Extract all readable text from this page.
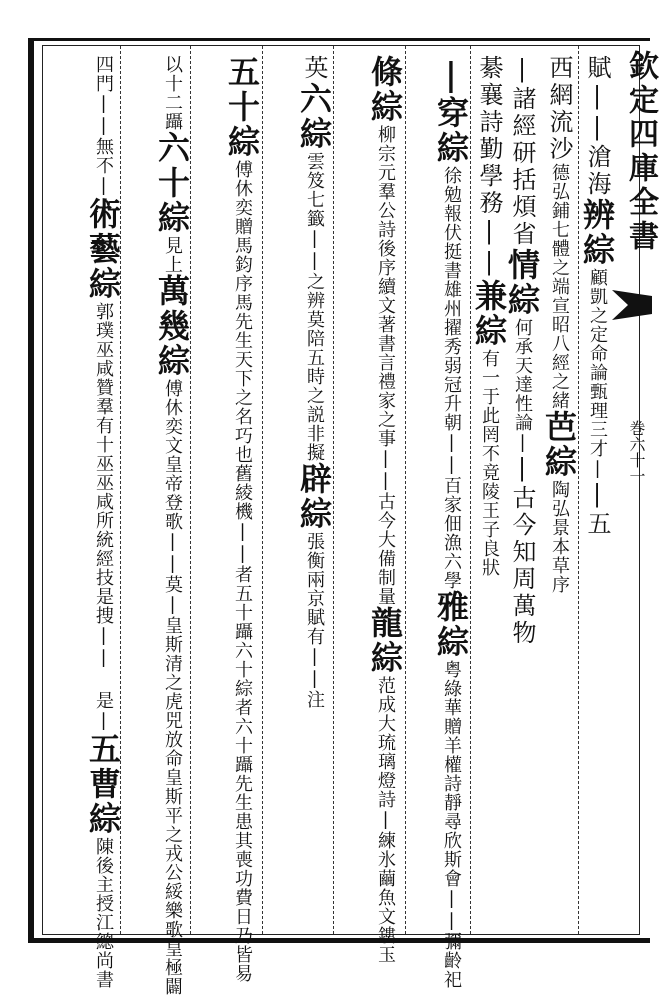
欽定四庫全書
巻六十一
賦||滄海辨綜顧凱之定命論甄理三才||五
西網流沙德弘鋪七體之端宣昭八經之緒芭綜陶弘景本草序
|諸經研括煩省情綜何承天達性論||古今知周萬物
綦襄詩勤學務||兼綜有一于此罔不竟陵王子良狀
|穿綜徐勉報伏挺書雄州擢秀弱冠升朝||百家佃漁六學雅綜粤綠華贈羊權詩靜尋欣斯會||彌齡祀
條綜柳宗元羣公詩後序續文著書言禮家之事||古今大備制量龍綜范成大琉璃燈詩|練氷繭魚文鏤玉
英六綜雲笈七籤||之辨莫陪五時之説非擬辟綜張衡兩京賦有||注
五十綜傅休奕贈馬鈞序馬先生天下之名巧也舊綾機||者五十躡六十綜者六十躡先生患其喪功費日乃皆易
以十二躡六十綜見上萬幾綜傅休奕文皇帝登歌||莫|皇斯清之虎兕放命皇斯平之戎公綏樂歌皇極闢
四門||無不|術藝綜郭璞巫咸贊羣有十巫巫咸所統經技是捜|| 是|五曹綜陳後主授江總尚書
